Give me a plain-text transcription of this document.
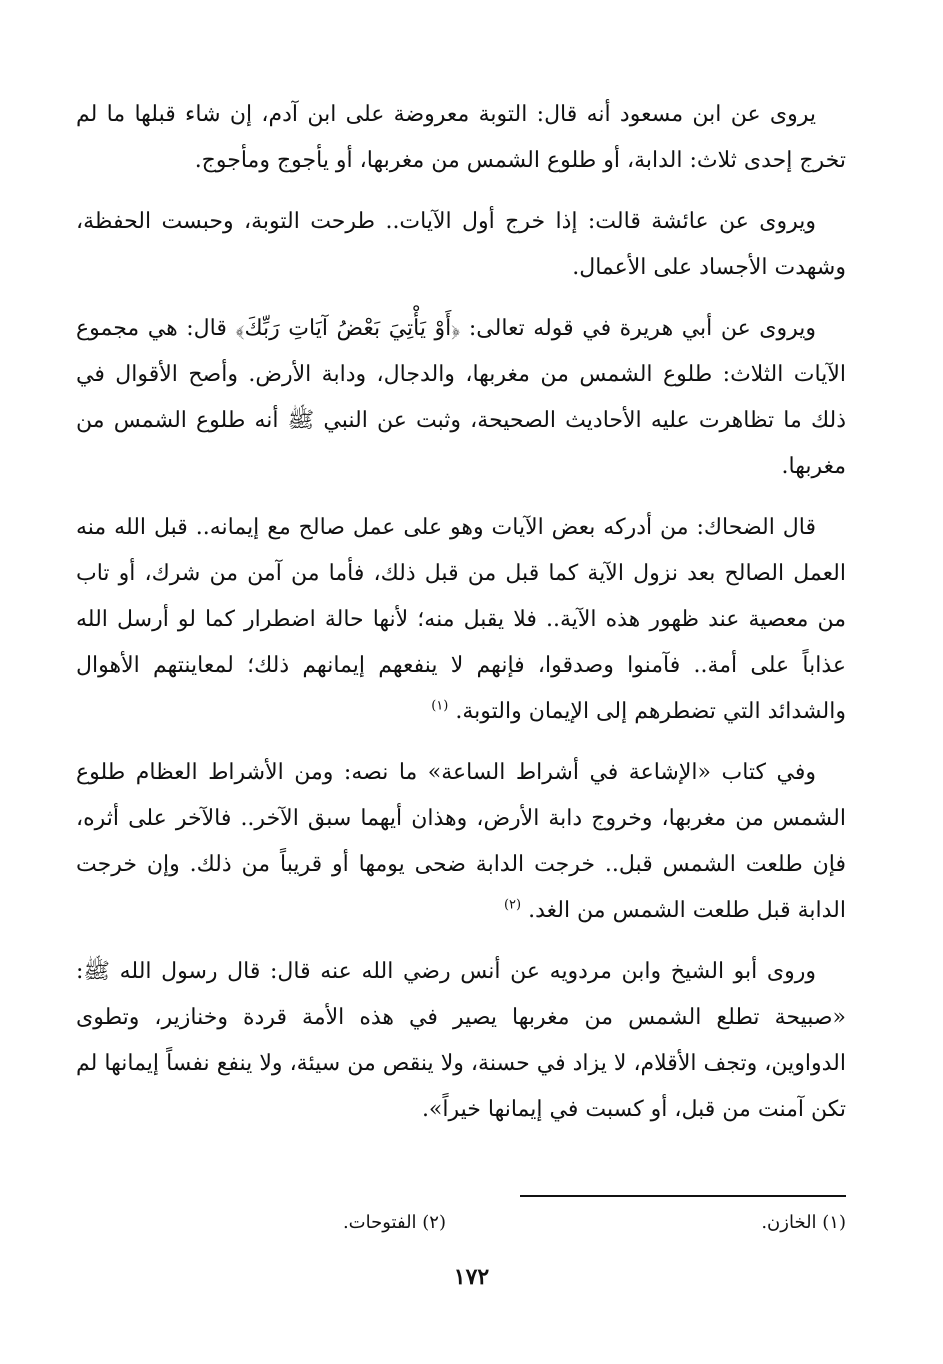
يروى عن ابن مسعود أنه قال: التوبة معروضة على ابن آدم، إن شاء قبلها ما لم تخرج إحدى ثلاث: الدابة، أو طلوع الشمس من مغربها، أو يأجوج ومأجوج.

ويروى عن عائشة قالت: إذا خرج أول الآيات.. طرحت التوبة، وحبست الحفظة، وشهدت الأجساد على الأعمال.

ويروى عن أبي هريرة في قوله تعالى: ﴿أَوْ يَأْتِيَ بَعْضُ آيَاتِ رَبِّكَ﴾ قال: هي مجموع الآيات الثلاث: طلوع الشمس من مغربها، والدجال، ودابة الأرض. وأصح الأقوال في ذلك ما تظاهرت عليه الأحاديث الصحيحة، وثبت عن النبي ﷺ أنه طلوع الشمس من مغربها.

قال الضحاك: من أدركه بعض الآيات وهو على عمل صالح مع إيمانه.. قبل الله منه العمل الصالح بعد نزول الآية كما قبل من قبل ذلك، فأما من آمن من شرك، أو تاب من معصية عند ظهور هذه الآية.. فلا يقبل منه؛ لأنها حالة اضطرار كما لو أرسل الله عذاباً على أمة.. فآمنوا وصدقوا، فإنهم لا ينفعهم إيمانهم ذلك؛ لمعاينتهم الأهوال والشدائد التي تضطرهم إلى الإيمان والتوبة. $^{(١)}$

وفي كتاب «الإشاعة في أشراط الساعة» ما نصه: ومن الأشراط العظام طلوع الشمس من مغربها، وخروج دابة الأرض، وهذان أيهما سبق الآخر.. فالآخر على أثره، فإن طلعت الشمس قبل.. خرجت الدابة ضحى يومها أو قريباً من ذلك. وإن خرجت الدابة قبل طلعت الشمس من الغد. $^{(٢)}$

وروى أبو الشيخ وابن مردويه عن أنس رضي الله عنه قال: قال رسول الله ﷺ: «صبيحة تطلع الشمس من مغربها يصير في هذه الأمة قردة وخنازير، وتطوى الدواوين، وتجف الأقلام، لا يزاد في حسنة، ولا ينقص من سيئة، ولا ينفع نفساً إيمانها لم تكن آمنت من قبل، أو كسبت في إيمانها خيراً».

(١) الخازن.
(٢) الفتوحات.
١٧٢
